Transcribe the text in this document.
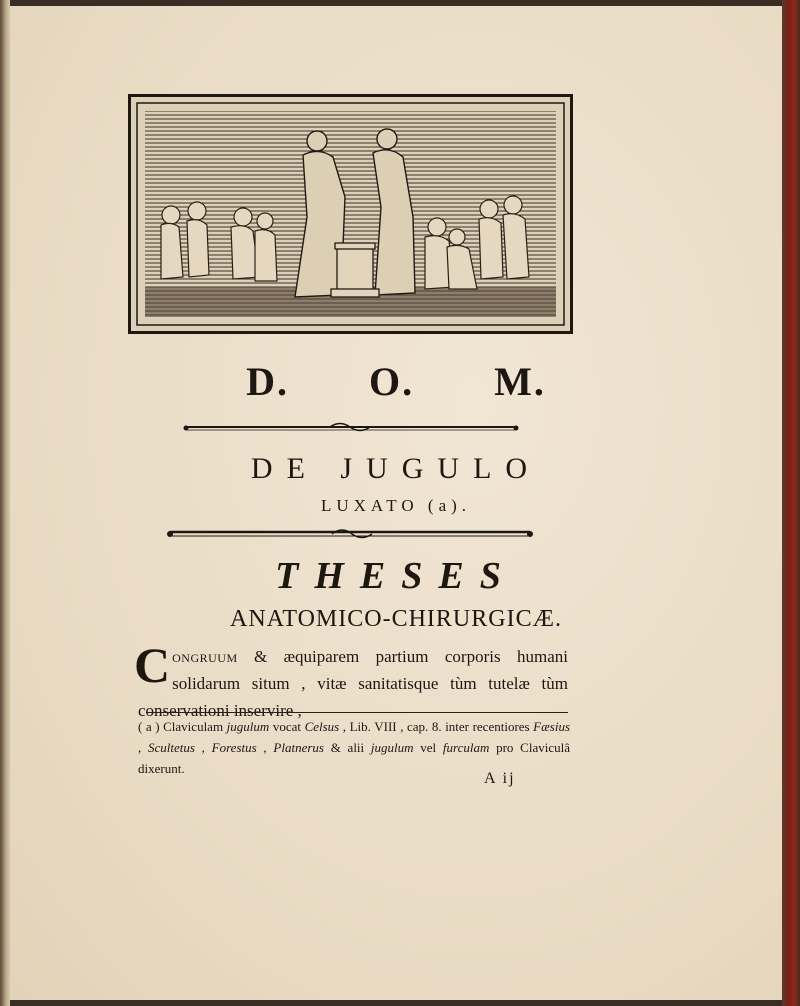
D. O. M.
DE JUGULO
LUXATO (a).
THESES
ANATOMICO-CHIRURGICÆ.
Congruum & æquiparem partium corporis humani solidarum situm , vitæ sanitatisque tùm tutelæ tùm conservationi inservire ,
( a ) Claviculam jugulum vocat Celsus , Lib. VIII , cap. 8. inter recentiores Fæsius , Scultetus , Forestus , Platnerus & alii jugulum vel furculam pro Claviculâ dixerunt.
A ij
